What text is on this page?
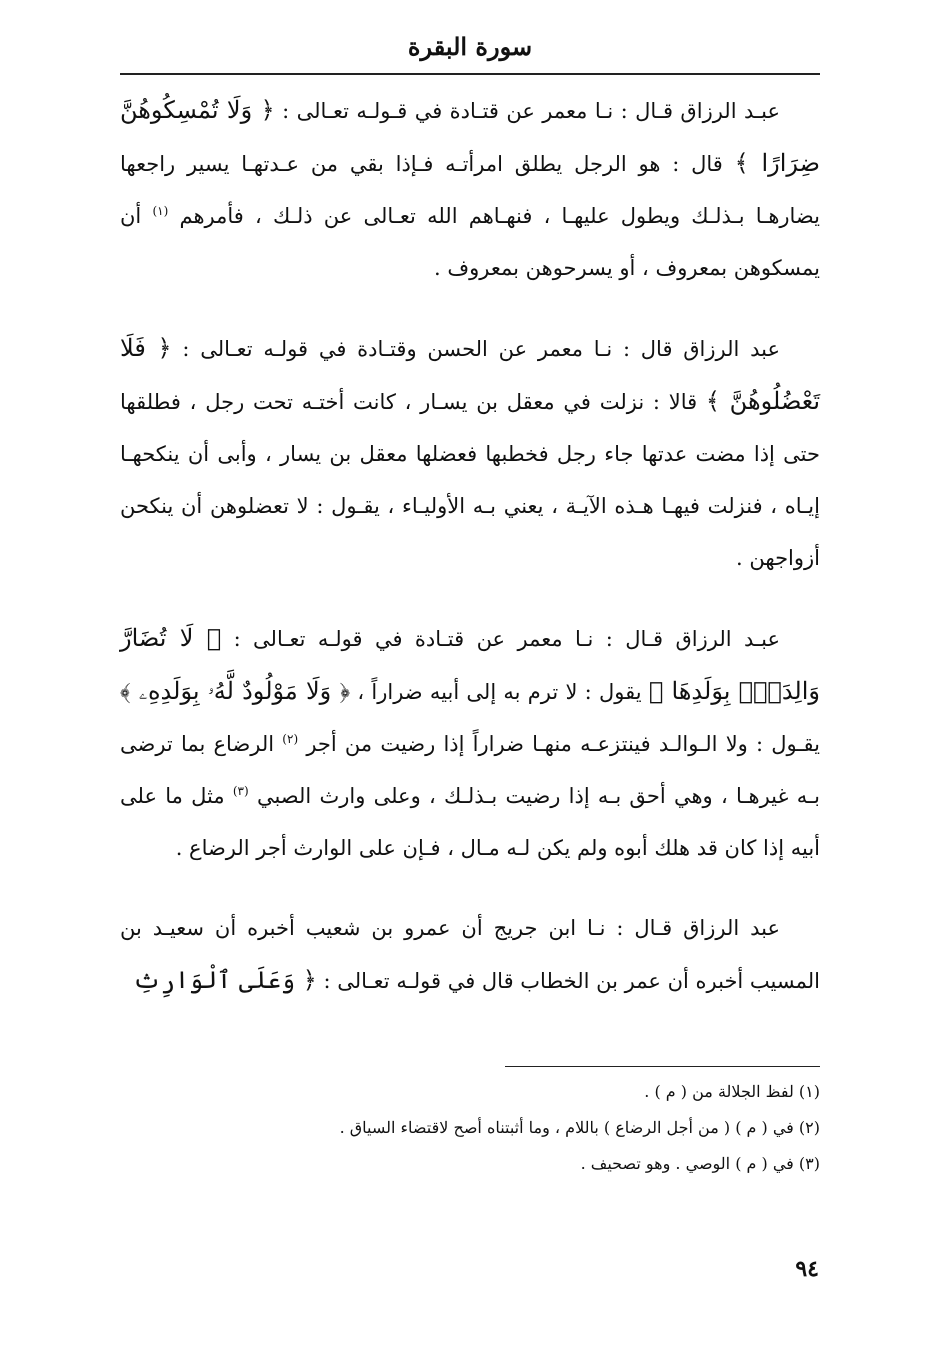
سورة البقرة

عبـد الرزاق قـال : نـا معمر عن قتـادة في قـولـه تعـالى : ﴿ وَلَا تُمْسِكُوهُنَّ ضِرَارًا ﴾ قال : هو الرجل يطلق امرأتـه فـإذا بقي من عـدتهـا يسير راجعها يضارهـا بـذلـك ويطول عليهـا ، فنهـاهم الله تعـالى عن ذلـك ، فأمرهم $^{(١)}$ أن يمسكوهن بمعروف ، أو يسرحوهن بمعروف .

عبد الرزاق قال : نـا معمر عن الحسن وقتـادة في قولـه تعـالى : ﴿ فَلَا تَعْضُلُوهُنَّ ﴾ قالا : نزلت في معقل بن يسـار ، كانت أختـه تحت رجل ، فطلقها حتى إذا مضت عدتها جاء رجل فخطبها فعضلها معقل بن يسار ، وأبى أن ينكحهـا إيـاه ، فنزلت فيهـا هـذه الآيـة ، يعني بـه الأوليـاء ، يقـول : لا تعضلوهن أن ينكحن أزواجهن .

عبـد الرزاق قـال : نـا معمر عن قتـادة في قولـه تعـالى : ﴿ لَا تُضَارَّ وَالِدَةٌۢ بِوَلَدِهَا ﴾ يقول : لا ترم به إلى أبيه ضراراً ، ﴿ وَلَا مَوْلُودٌ لَّهُۥ بِوَلَدِهِۦ ﴾ يقـول : ولا الـوالـد فينتزعـه منهـا ضراراً إذا رضيت من أجر $^{(٢)}$ الرضاع بما ترضى بـه غيرهـا ، وهي أحق بـه إذا رضيت بـذلـك ، وعلى وارث الصبي $^{(٣)}$ مثل ما على أبيه إذا كان قد هلك أبوه ولم يكن لـه مـال ، فـإن على الوارث أجر الرضاع .

عبد الرزاق قـال : نـا ابن جريج أن عمرو بن شعيب أخبره أن سعيـد بن المسيب أخبره أن عمر بن الخطاب قال في قولـه تعـالى : ﴿ وَعَلَى ٱلْوَارِثِ

(١) لفظ الجلالة من ( م ) .

(٢) في ( م ) ( من أجل الرضاع ) باللام ، وما أثبتناه أصح لاقتضاء السياق .

(٣) في ( م ) الوصي . وهو تصحيف .

٩٤
